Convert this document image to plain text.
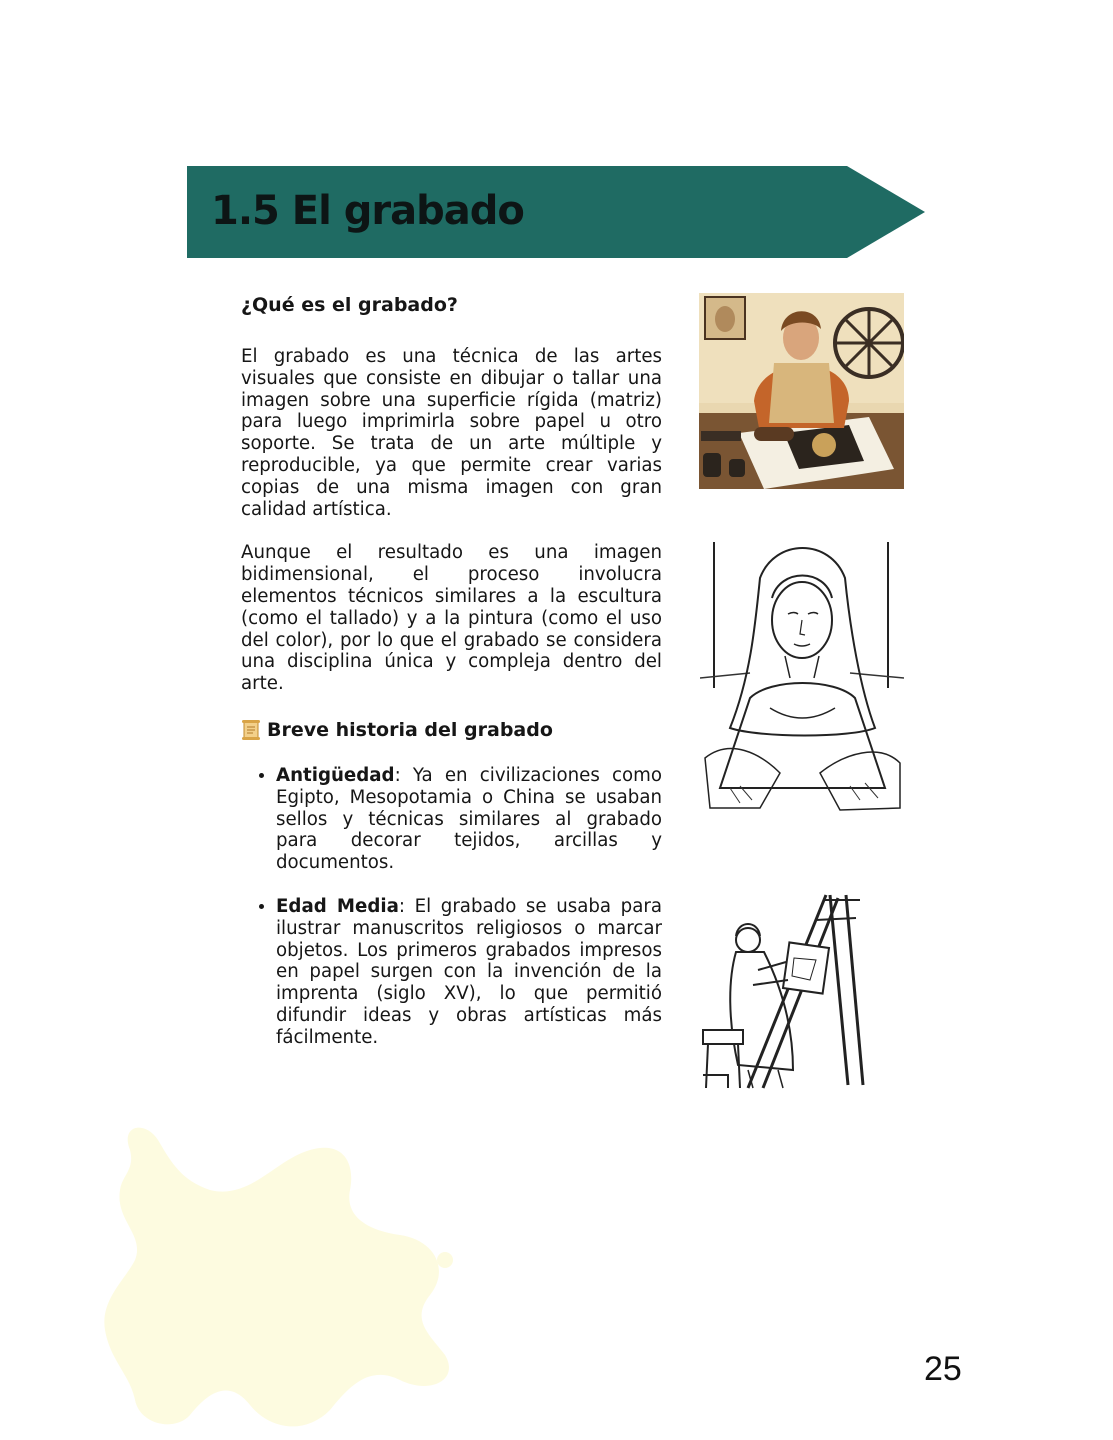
1.5 El grabado
¿Qué es el grabado?

El grabado es una técnica de las artes visuales que consiste en dibujar o tallar una imagen sobre una superficie rígida (matriz) para luego imprimirla sobre papel u otro soporte. Se trata de un arte múltiple y reproducible, ya que permite crear varias copias de una misma imagen con gran calidad artística.

Aunque el resultado es una imagen bidimensional, el proceso involucra elementos técnicos similares a la escultura (como el tallado) y a la pintura (como el uso del color), por lo que el grabado se considera una disciplina única y compleja dentro del arte.

Breve historia del grabado
• Antigüedad: Ya en civilizaciones como Egipto, Mesopotamia o China se usaban sellos y técnicas similares al grabado para decorar tejidos, arcillas y documentos.
• Edad Media: El grabado se usaba para ilustrar manuscritos religiosos o marcar objetos. Los primeros grabados impresos en papel surgen con la invención de la imprenta (siglo XV), lo que permitió difundir ideas y obras artísticas más fácilmente.
25
